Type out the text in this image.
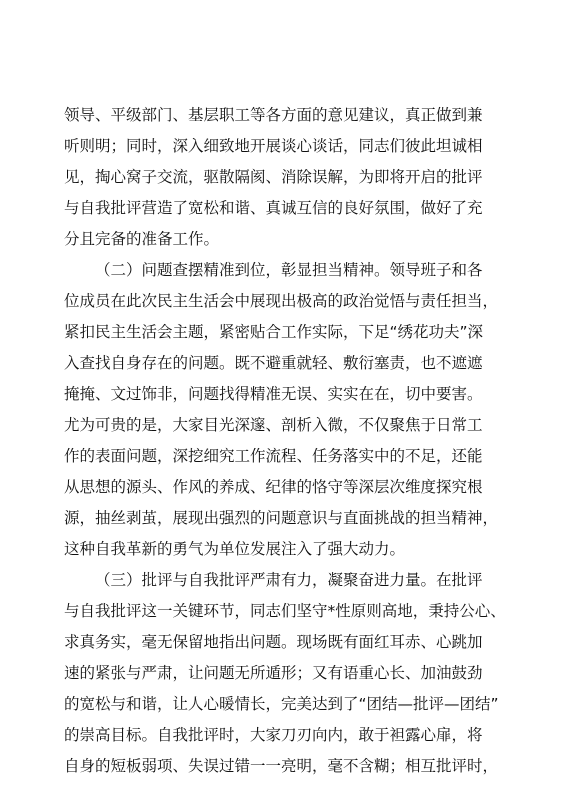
领导、平级部门、基层职工等各方面的意见建议，真正做到兼
听则明；同时，深入细致地开展谈心谈话，同志们彼此坦诚相
见，掏心窝子交流，驱散隔阂、消除误解，为即将开启的批评
与自我批评营造了宽松和谐、真诚互信的良好氛围，做好了充
分且完备的准备工作。
（二）问题查摆精准到位，彰显担当精神。领导班子和各
位成员在此次民主生活会中展现出极高的政治觉悟与责任担当，
紧扣民主生活会主题，紧密贴合工作实际，下足“绣花功夫”深
入查找自身存在的问题。既不避重就轻、敷衍塞责，也不遮遮
掩掩、文过饰非，问题找得精准无误、实实在在，切中要害。
尤为可贵的是，大家目光深邃、剖析入微，不仅聚焦于日常工
作的表面问题，深挖细究工作流程、任务落实中的不足，还能
从思想的源头、作风的养成、纪律的恪守等深层次维度探究根
源，抽丝剥茧，展现出强烈的问题意识与直面挑战的担当精神，
这种自我革新的勇气为单位发展注入了强大动力。
（三）批评与自我批评严肃有力，凝聚奋进力量。在批评
与自我批评这一关键环节，同志们坚守*性原则高地，秉持公心、
求真务实，毫无保留地指出问题。现场既有面红耳赤、心跳加
速的紧张与严肃，让问题无所遁形；又有语重心长、加油鼓劲
的宽松与和谐，让人心暖情长，完美达到了“团结—批评—团结”
的崇高目标。自我批评时，大家刀刃向内，敢于袒露心扉，将
自身的短板弱项、失误过错一一亮明，毫不含糊；相互批评时，
